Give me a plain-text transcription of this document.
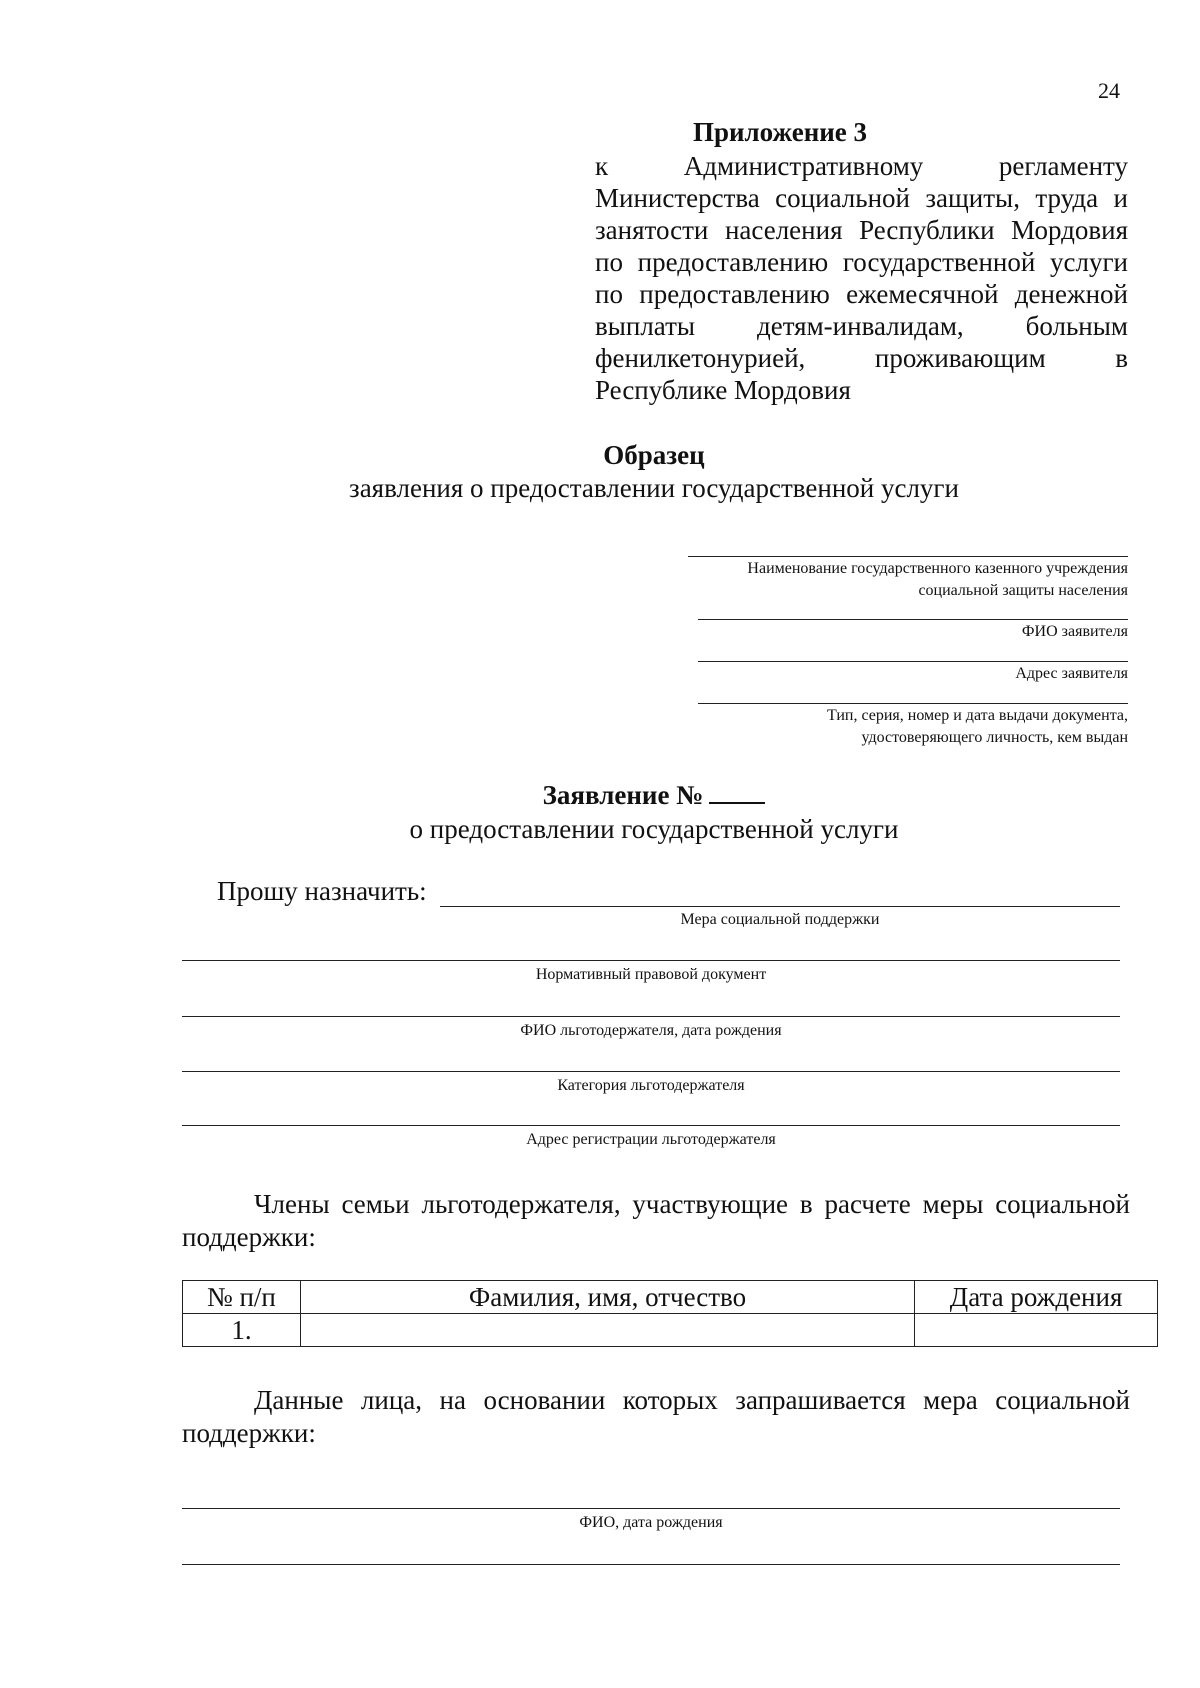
24
Приложение 3
к Административному регламенту Министерства социальной защиты, труда и занятости населения Республики Мордовия по предоставлению государственной услуги по предоставлению ежемесячной денежной выплаты детям-инвалидам, больным фенилкетонурией, проживающим в Республике Мордовия
Образец
заявления о предоставлении государственной услуги
Наименование государственного казенного учреждения
социальной защиты населения
ФИО заявителя
Адрес заявителя
Тип, серия, номер и дата выдачи документа,
удостоверяющего личность, кем выдан
Заявление №
о предоставлении государственной услуги
Прошу назначить:
Мера социальной поддержки
Нормативный правовой документ
ФИО льготодержателя, дата рождения
Категория льготодержателя
Адрес регистрации льготодержателя
Члены семьи льготодержателя, участвующие в расчете меры социальной поддержки:
№ п/п	Фамилия, имя, отчество	Дата рождения
1.		
Данные лица, на основании которых запрашивается мера социальной поддержки:
ФИО, дата рождения
